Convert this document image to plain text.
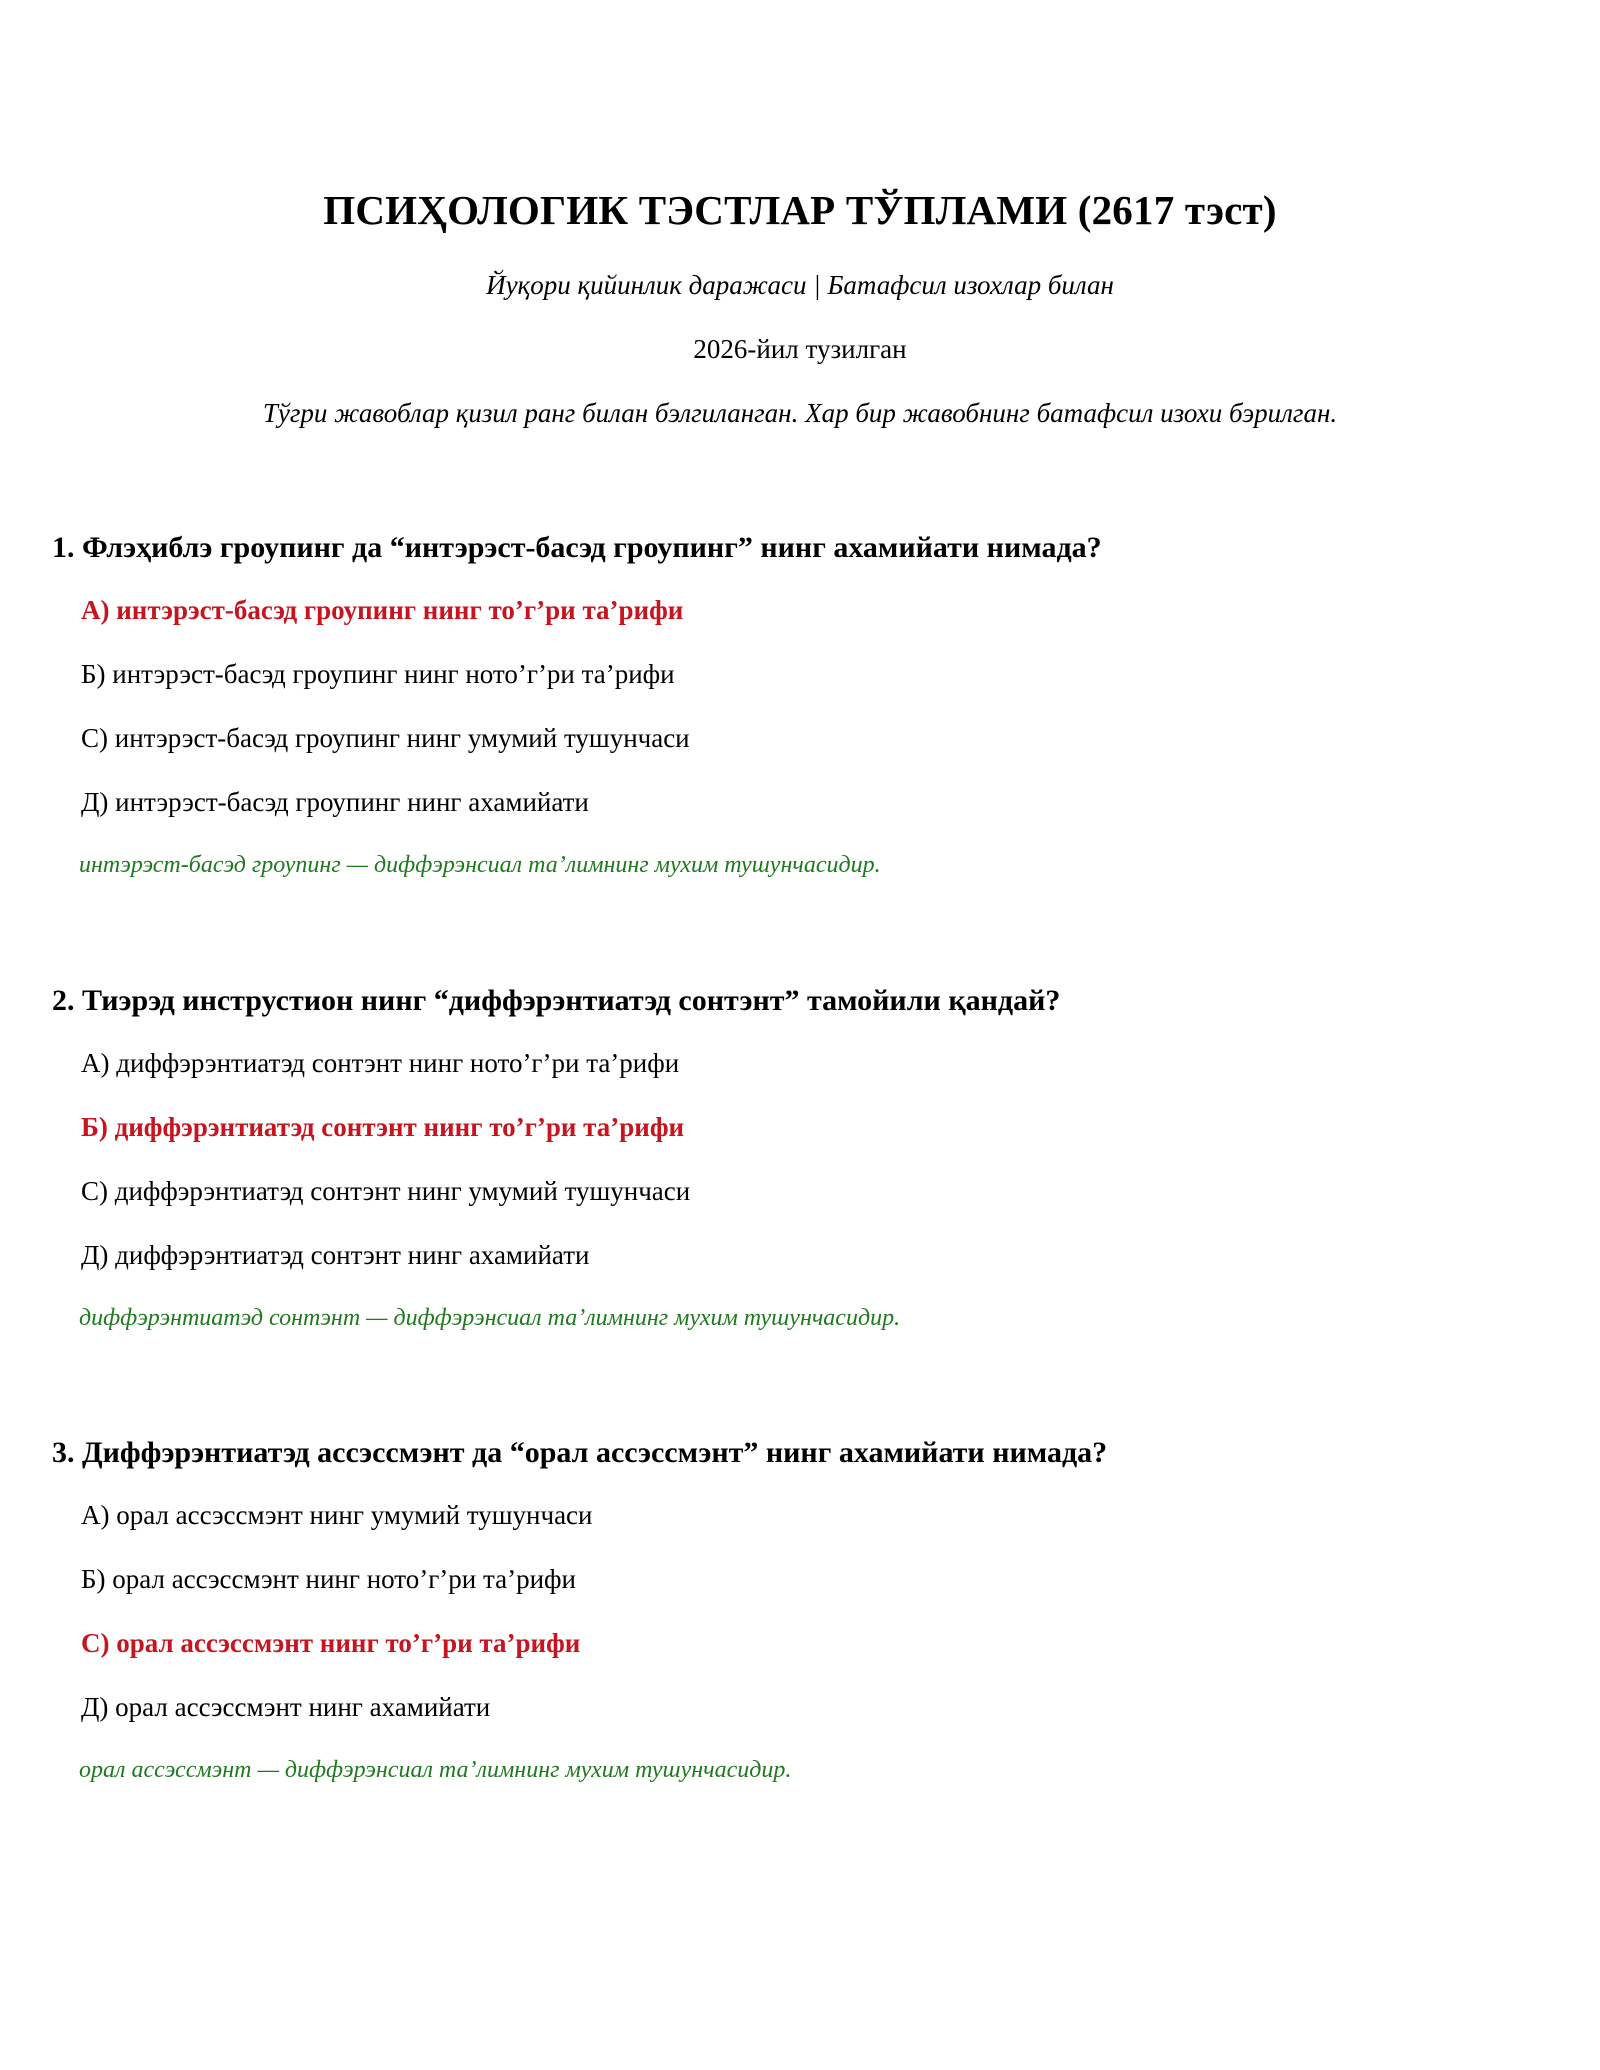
ПСИҲОЛОГИК ТЭСТЛАР ТЎПЛАМИ (2617 тэст)
Йуқори қийинлик даражаси | Батафсил изохлар билан
2026-йил тузилган
Тўгри жавоблар қизил ранг билан бэлгиланган. Хар бир жавобнинг батафсил изохи бэрилган.
1. Флэҳиблэ гроупинг да “интэрэст-басэд гроупинг” нинг ахамийати нимада?
А) интэрэст-басэд гроупинг нинг то’г’ри та’рифи
Б) интэрэст-басэд гроупинг нинг ното’г’ри та’рифи
С) интэрэст-басэд гроупинг нинг умумий тушунчаси
Д) интэрэст-басэд гроупинг нинг ахамийати
интэрэст-басэд гроупинг — диффэрэнсиал та’лимнинг мухим тушунчасидир.
2. Тиэрэд инструстион нинг “диффэрэнтиатэд сонтэнт” тамойили қандай?
А) диффэрэнтиатэд сонтэнт нинг ното’г’ри та’рифи
Б) диффэрэнтиатэд сонтэнт нинг то’г’ри та’рифи
С) диффэрэнтиатэд сонтэнт нинг умумий тушунчаси
Д) диффэрэнтиатэд сонтэнт нинг ахамийати
диффэрэнтиатэд сонтэнт — диффэрэнсиал та’лимнинг мухим тушунчасидир.
3. Диффэрэнтиатэд ассэссмэнт да “орал ассэссмэнт” нинг ахамийати нимада?
А) орал ассэссмэнт нинг умумий тушунчаси
Б) орал ассэссмэнт нинг ното’г’ри та’рифи
С) орал ассэссмэнт нинг то’г’ри та’рифи
Д) орал ассэссмэнт нинг ахамийати
орал ассэссмэнт — диффэрэнсиал та’лимнинг мухим тушунчасидир.
